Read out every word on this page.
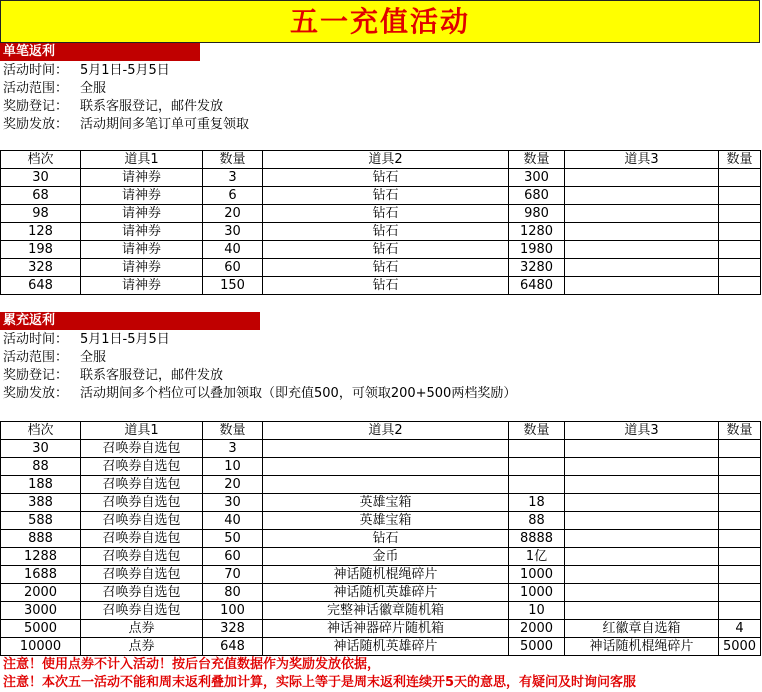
五一充值活动
单笔返利
活动时间： 5月1日-5月5日
活动范围： 全服
奖励登记： 联系客服登记，邮件发放
奖励发放： 活动期间多笔订单可重复领取
档次	道具1	数量	道具2	数量	道具3	数量
30	请神券	3	钻石	300		
68	请神券	6	钻石	680		
98	请神券	20	钻石	980		
128	请神券	30	钻石	1280		
198	请神券	40	钻石	1980		
328	请神券	60	钻石	3280		
648	请神券	150	钻石	6480		
累充返利
活动时间： 5月1日-5月5日
活动范围： 全服
奖励登记： 联系客服登记，邮件发放
奖励发放： 活动期间多个档位可以叠加领取（即充值500，可领取200+500两档奖励）
档次	道具1	数量	道具2	数量	道具3	数量
30	召唤券自选包	3				
88	召唤券自选包	10				
188	召唤券自选包	20				
388	召唤券自选包	30	英雄宝箱	18		
588	召唤券自选包	40	英雄宝箱	88		
888	召唤券自选包	50	钻石	8888		
1288	召唤券自选包	60	金币	1亿		
1688	召唤券自选包	70	神话随机棍绳碎片	1000		
2000	召唤券自选包	80	神话随机英雄碎片	1000		
3000	召唤券自选包	100	完整神话徽章随机箱	10		
5000	点券	328	神话神器碎片随机箱	2000	红徽章自选箱	4
10000	点券	648	神话随机英雄碎片	5000	神话随机棍绳碎片	5000
注意！使用点券不计入活动！按后台充值数据作为奖励发放依据，
注意！本次五一活动不能和周末返利叠加计算，实际上等于是周末返利连续开5天的意思，有疑问及时询问客服
